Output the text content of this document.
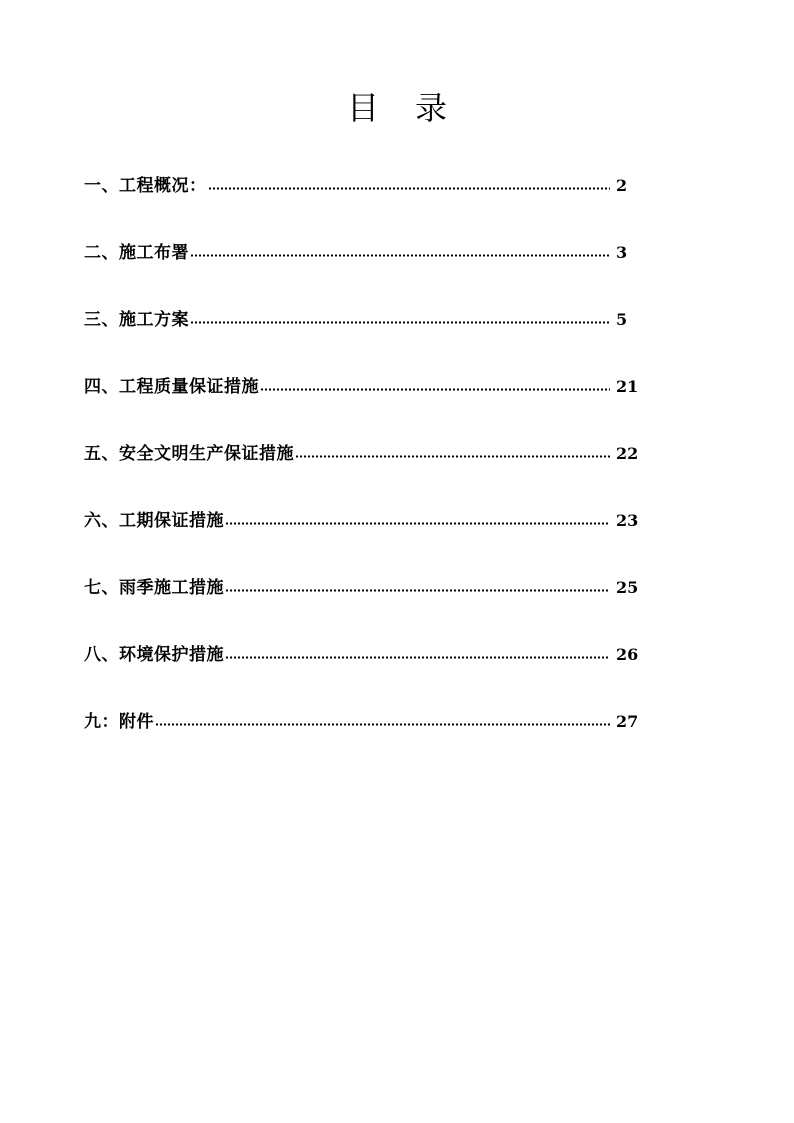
目录
一、工程概况：	2
二、施工布署	3
三、施工方案	5
四、工程质量保证措施	21
五、安全文明生产保证措施	22
六、工期保证措施	23
七、雨季施工措施	25
八、环境保护措施	26
九：附件	27
